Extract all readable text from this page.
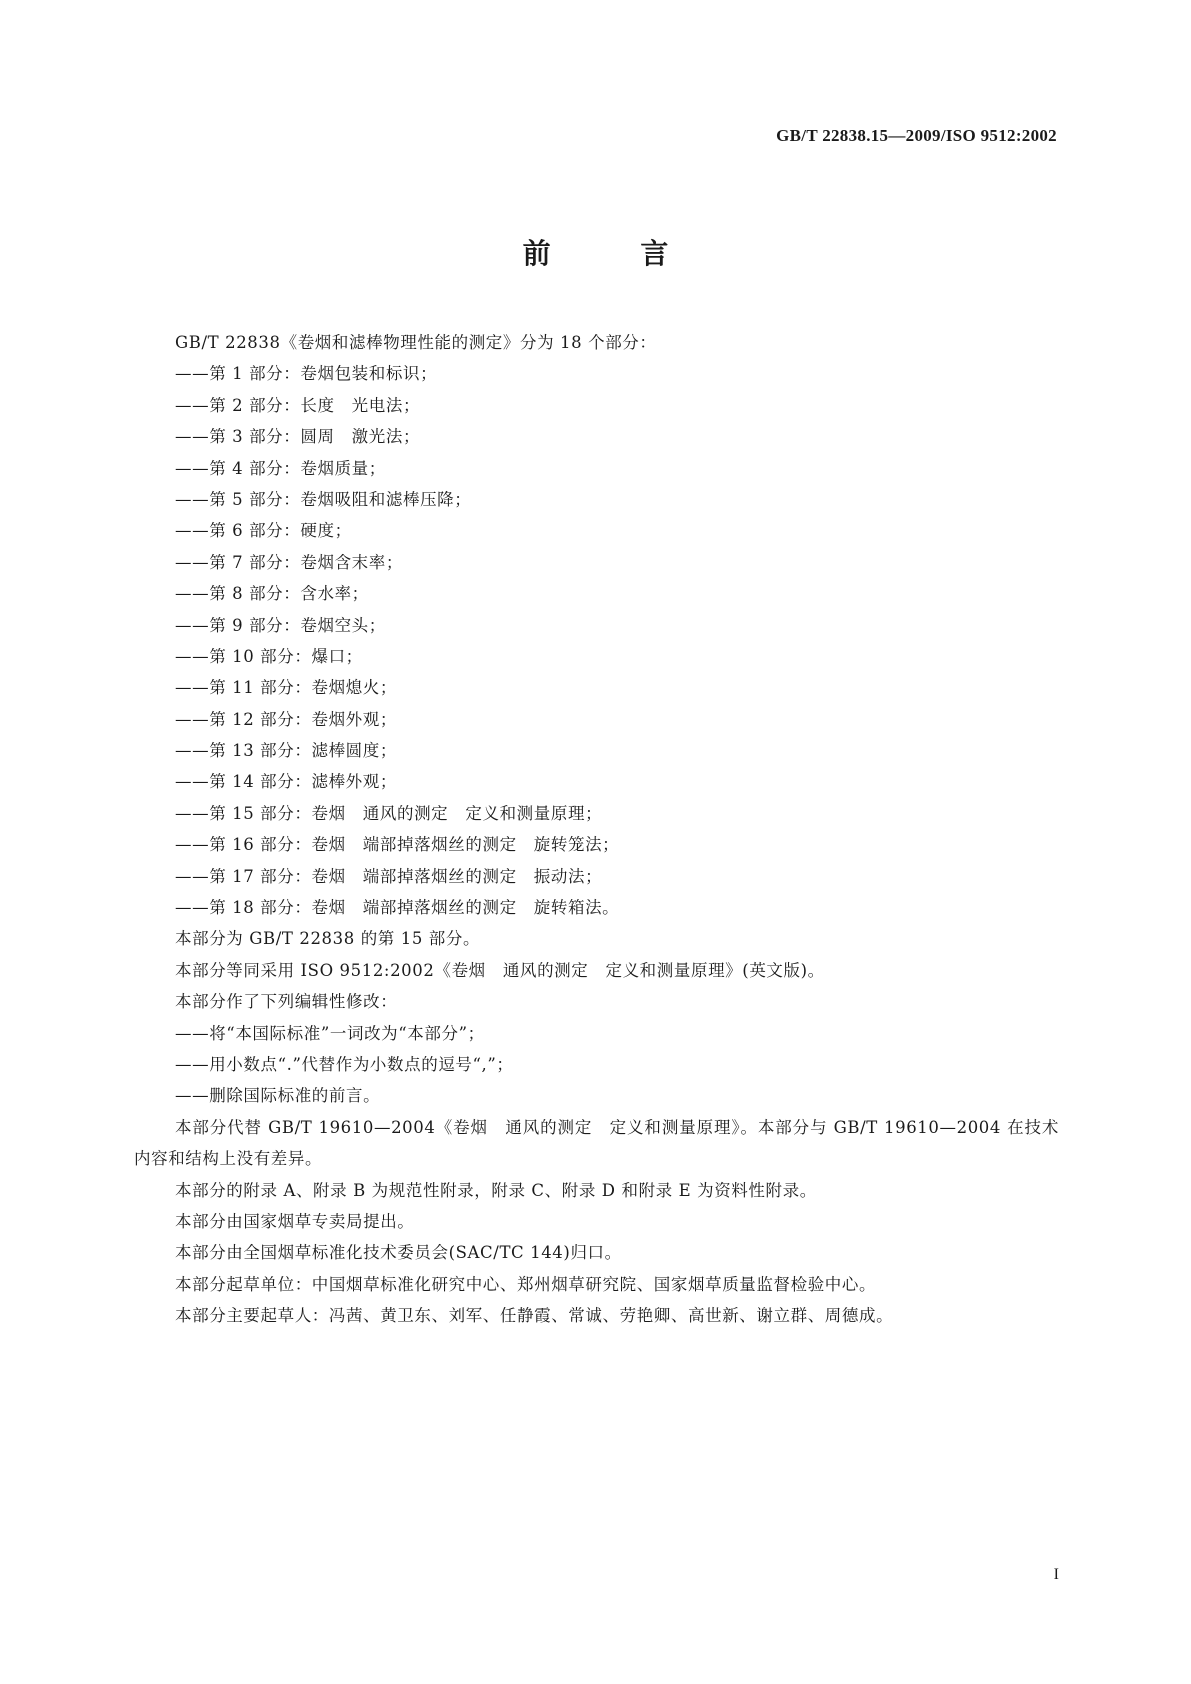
GB/T 22838.15—2009/ISO 9512:2002
前 言
GB/T 22838《卷烟和滤棒物理性能的测定》分为 18 个部分：
——第 1 部分：卷烟包装和标识；
——第 2 部分：长度　光电法；
——第 3 部分：圆周　激光法；
——第 4 部分：卷烟质量；
——第 5 部分：卷烟吸阻和滤棒压降；
——第 6 部分：硬度；
——第 7 部分：卷烟含末率；
——第 8 部分：含水率；
——第 9 部分：卷烟空头；
——第 10 部分：爆口；
——第 11 部分：卷烟熄火；
——第 12 部分：卷烟外观；
——第 13 部分：滤棒圆度；
——第 14 部分：滤棒外观；
——第 15 部分：卷烟　通风的测定　定义和测量原理；
——第 16 部分：卷烟　端部掉落烟丝的测定　旋转笼法；
——第 17 部分：卷烟　端部掉落烟丝的测定　振动法；
——第 18 部分：卷烟　端部掉落烟丝的测定　旋转箱法。
本部分为 GB/T 22838 的第 15 部分。
本部分等同采用 ISO 9512:2002《卷烟　通风的测定　定义和测量原理》(英文版)。
本部分作了下列编辑性修改：
——将“本国际标准”一词改为“本部分”；
——用小数点“.”代替作为小数点的逗号“,”；
——删除国际标准的前言。
本部分代替 GB/T 19610—2004《卷烟　通风的测定　定义和测量原理》。本部分与 GB/T 19610—2004 在技术内容和结构上没有差异。
本部分的附录 A、附录 B 为规范性附录，附录 C、附录 D 和附录 E 为资料性附录。
本部分由国家烟草专卖局提出。
本部分由全国烟草标准化技术委员会(SAC/TC 144)归口。
本部分起草单位：中国烟草标准化研究中心、郑州烟草研究院、国家烟草质量监督检验中心。
本部分主要起草人：冯茜、黄卫东、刘军、任静霞、常诚、劳艳卿、高世新、谢立群、周德成。
I
